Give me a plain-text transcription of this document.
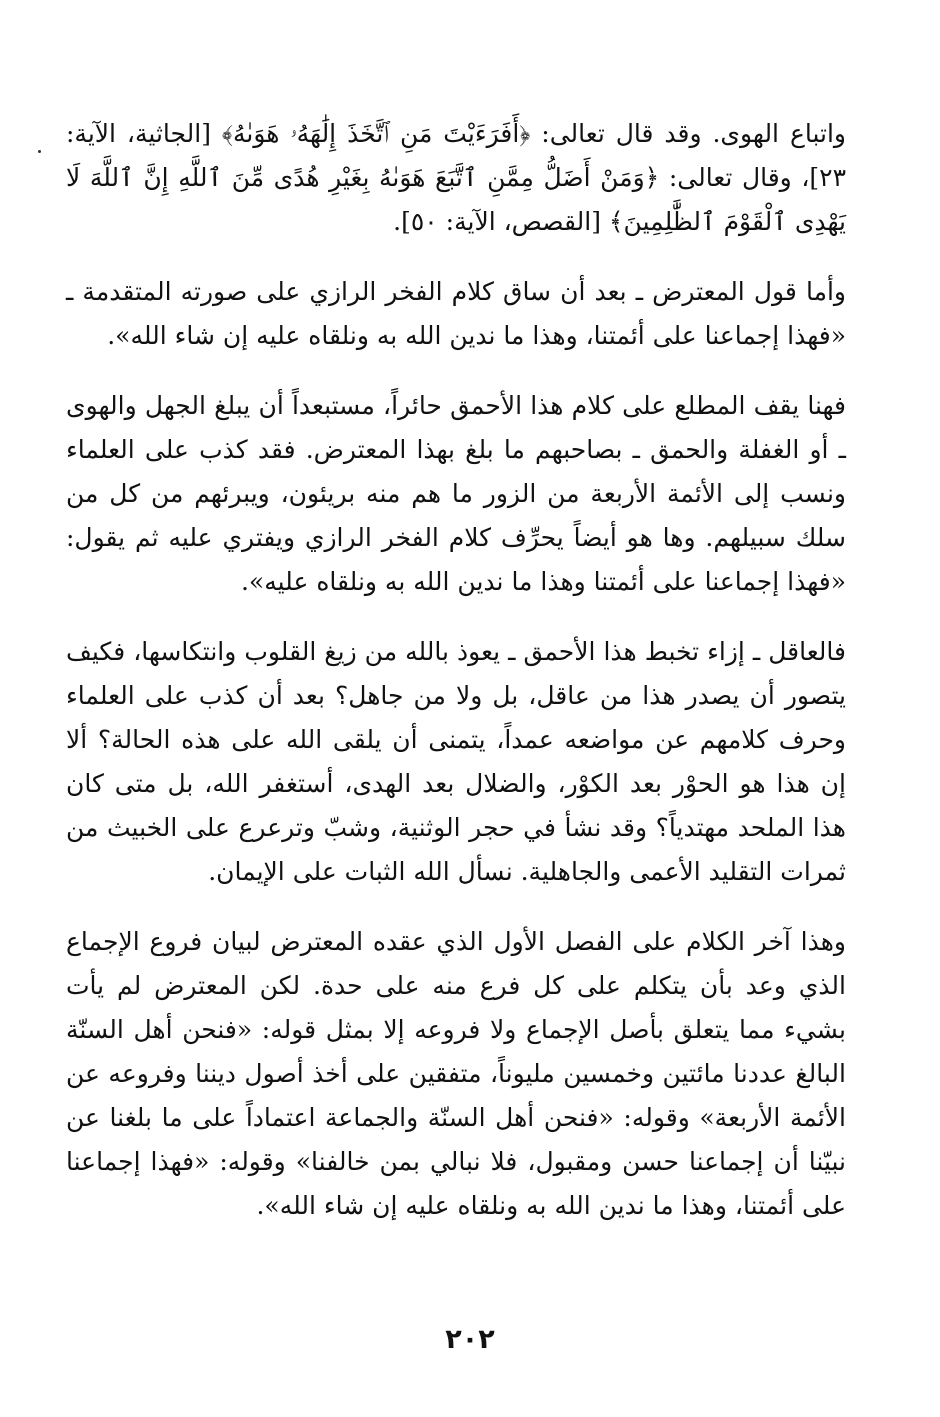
واتباع الهوى. وقد قال تعالى: ﴿أَفَرَءَيْتَ مَنِ ٱتَّخَذَ إِلَٰهَهُۥ هَوَىٰهُ﴾ [الجاثية، الآية: ٢٣]، وقال تعالى: ﴿وَمَنْ أَضَلُّ مِمَّنِ ٱتَّبَعَ هَوَىٰهُ بِغَيْرِ هُدًى مِّنَ ٱللَّهِ إِنَّ ٱللَّهَ لَا يَهْدِى ٱلْقَوْمَ ٱلظَّٰلِمِينَ﴾ [القصص، الآية: ٥٠].

وأما قول المعترض ـ بعد أن ساق كلام الفخر الرازي على صورته المتقدمة ـ «فهذا إجماعنا على أئمتنا، وهذا ما ندين الله به ونلقاه عليه إن شاء الله».

فهنا يقف المطلع على كلام هذا الأحمق حائراً، مستبعداً أن يبلغ الجهل والهوى ـ أو الغفلة والحمق ـ بصاحبهم ما بلغ بهذا المعترض. فقد كذب على العلماء ونسب إلى الأئمة الأربعة من الزور ما هم منه بريئون، ويبرئهم من كل من سلك سبيلهم. وها هو أيضاً يحرِّف كلام الفخر الرازي ويفتري عليه ثم يقول: «فهذا إجماعنا على أئمتنا وهذا ما ندين الله به ونلقاه عليه».

فالعاقل ـ إزاء تخبط هذا الأحمق ـ يعوذ بالله من زيغ القلوب وانتكاسها، فكيف يتصور أن يصدر هذا من عاقل، بل ولا من جاهل؟ بعد أن كذب على العلماء وحرف كلامهم عن مواضعه عمداً، يتمنى أن يلقى الله على هذه الحالة؟ ألا إن هذا هو الحوْر بعد الكوْر، والضلال بعد الهدى، أستغفر الله، بل متى كان هذا الملحد مهتدياً؟ وقد نشأ في حجر الوثنية، وشبّ وترعرع على الخبيث من ثمرات التقليد الأعمى والجاهلية. نسأل الله الثبات على الإيمان.

وهذا آخر الكلام على الفصل الأول الذي عقده المعترض لبيان فروع الإجماع الذي وعد بأن يتكلم على كل فرع منه على حدة. لكن المعترض لم يأت بشيء مما يتعلق بأصل الإجماع ولا فروعه إلا بمثل قوله: «فنحن أهل السنّة البالغ عددنا مائتين وخمسين مليوناً، متفقين على أخذ أصول ديننا وفروعه عن الأئمة الأربعة» وقوله: «فنحن أهل السنّة والجماعة اعتماداً على ما بلغنا عن نبيّنا أن إجماعنا حسن ومقبول، فلا نبالي بمن خالفنا» وقوله: «فهذا إجماعنا على أئمتنا، وهذا ما ندين الله به ونلقاه عليه إن شاء الله».

٢٠٢
